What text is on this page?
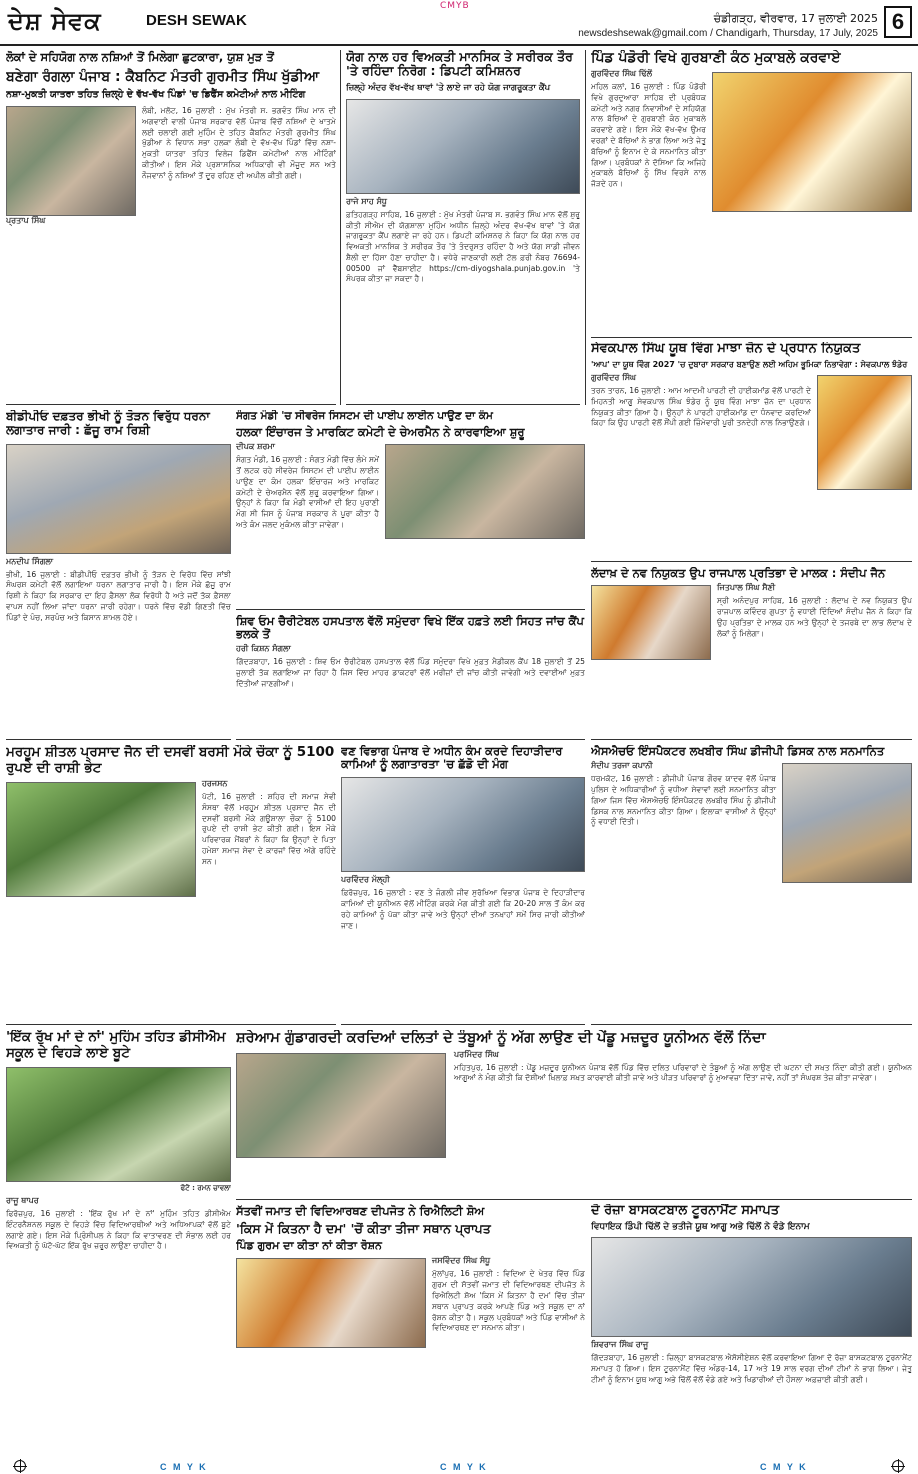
ਦੇਸ਼ ਸੇਵਕ	DESH SEWAK
CMYB
ਚੰਡੀਗੜ੍ਹ, ਵੀਰਵਾਰ, 17 ਜੁਲਾਈ 2025
newsdeshsewak@gmail.com / Chandigarh, Thursday, 17 July, 2025 6
ਲੋਕਾਂ ਦੇ ਸਹਿਯੋਗ ਨਾਲ ਨਸ਼ਿਆਂ ਤੋਂ ਮਿਲੇਗਾ ਛੁਟਕਾਰਾ, ਯੁਸ਼ ਮੁੜ ਤੋਂ
ਬਣੇਗਾ ਰੰਗਲਾ ਪੰਜਾਬ : ਕੈਬਨਿਟ ਮੰਤਰੀ ਗੁਰਮੀਤ ਸਿੰਘ ਖੁੱਡੀਆ
ਨਸ਼ਾ-ਮੁਕਤੀ ਯਾਤਰਾ ਤਹਿਤ ਜ਼ਿਲ੍ਹੇ ਦੇ ਵੱਖ-ਵੱਖ ਪਿੰਡਾਂ 'ਚ ਡਿਫੈਂਸ ਕਮੇਟੀਆਂ ਨਾਲ ਮੀਟਿੰਗ
ਲੰਬੀ, ਮਲੋਟ, 16 ਜੁਲਾਈ : ਮੁੱਖ ਮੰਤਰੀ ਸ. ਭਗਵੰਤ ਸਿੰਘ ਮਾਨ ਦੀ ਅਗਵਾਈ ਵਾਲੀ ਪੰਜਾਬ ਸਰਕਾਰ ਵੱਲੋਂ ਪੰਜਾਬ ਵਿੱਚੋਂ ਨਸ਼ਿਆਂ ਦੇ ਖਾਤਮੇ ਲਈ ਚਲਾਈ ਗਈ ਮੁਹਿੰਮ ਦੇ ਤਹਿਤ ਕੈਬਨਿਟ ਮੰਤਰੀ ਗੁਰਮੀਤ ਸਿੰਘ ਖੁੱਡੀਆ ਨੇ ਵਿਧਾਨ ਸਭਾ ਹਲਕਾ ਲੰਬੀ ਦੇ ਵੱਖ-ਵੱਖ ਪਿੰਡਾਂ ਵਿੱਚ ਨਸ਼ਾ-ਮੁਕਤੀ ਯਾਤਰਾ ਤਹਿਤ ਵਿਲੇਜ ਡਿਫੈਂਸ ਕਮੇਟੀਆਂ ਨਾਲ ਮੀਟਿੰਗਾਂ ਕੀਤੀਆਂ। ਇਸ ਮੌਕੇ ਪ੍ਰਸ਼ਾਸਨਿਕ ਅਧਿਕਾਰੀ ਵੀ ਮੌਜੂਦ ਸਨ ਅਤੇ ਨੌਜਵਾਨਾਂ ਨੂੰ ਨਸ਼ਿਆਂ ਤੋਂ ਦੂਰ ਰਹਿਣ ਦੀ ਅਪੀਲ ਕੀਤੀ ਗਈ।
ਪ੍ਰਤਾਪ ਸਿੰਘ
ਯੋਗ ਨਾਲ ਹਰ ਵਿਅਕਤੀ ਮਾਨਸਿਕ ਤੇ ਸਰੀਰਕ ਤੌਰ 'ਤੇ ਰਹਿੰਦਾ ਨਿਰੋਗ : ਡਿਪਟੀ ਕਮਿਸ਼ਨਰ
ਜ਼ਿਲ੍ਹੇ ਅੰਦਰ ਵੱਖ-ਵੱਖ ਥਾਵਾਂ 'ਤੇ ਲਾਏ ਜਾ ਰਹੇ ਯੋਗ ਜਾਗਰੂਕਤਾ ਕੈਂਪ
ਰਾਜੇ ਸਾਹ ਸੰਧੂ
ਫ਼ਤਿਹਗੜ੍ਹ ਸਾਹਿਬ, 16 ਜੁਲਾਈ : ਮੁੱਖ ਮੰਤਰੀ ਪੰਜਾਬ ਸ. ਭਗਵੰਤ ਸਿੰਘ ਮਾਨ ਵੱਲੋਂ ਸ਼ੁਰੂ ਕੀਤੀ ਸੀਐਮ ਦੀ ਯੋਗਸ਼ਾਲਾ ਮੁਹਿੰਮ ਅਧੀਨ ਜ਼ਿਲ੍ਹੇ ਅੰਦਰ ਵੱਖ-ਵੱਖ ਥਾਵਾਂ 'ਤੇ ਯੋਗ ਜਾਗਰੂਕਤਾ ਕੈਂਪ ਲਗਾਏ ਜਾ ਰਹੇ ਹਨ। ਡਿਪਟੀ ਕਮਿਸ਼ਨਰ ਨੇ ਕਿਹਾ ਕਿ ਯੋਗ ਨਾਲ ਹਰ ਵਿਅਕਤੀ ਮਾਨਸਿਕ ਤੇ ਸਰੀਰਕ ਤੌਰ 'ਤੇ ਤੰਦਰੁਸਤ ਰਹਿੰਦਾ ਹੈ ਅਤੇ ਯੋਗ ਸਾਡੀ ਜੀਵਨ ਸ਼ੈਲੀ ਦਾ ਹਿੱਸਾ ਹੋਣਾ ਚਾਹੀਦਾ ਹੈ। ਵਧੇਰੇ ਜਾਣਕਾਰੀ ਲਈ ਟੋਲ ਫ਼ਰੀ ਨੰਬਰ 76694-00500 ਜਾਂ ਵੈੱਬਸਾਈਟ https://cm-diyogshala.punjab.gov.in 'ਤੇ ਸੰਪਰਕ ਕੀਤਾ ਜਾ ਸਕਦਾ ਹੈ।
ਪਿੰਡ ਪੰਡੋਰੀ ਵਿਖੇ ਗੁਰਬਾਣੀ ਕੰਠ ਮੁਕਾਬਲੇ ਕਰਵਾਏ
ਗੁਰਵਿੰਦਰ ਸਿੰਘ ਢਿੱਲੋਂ
ਮਹਿਲ ਕਲਾਂ, 16 ਜੁਲਾਈ : ਪਿੰਡ ਪੰਡੋਰੀ ਵਿਖੇ ਗੁਰਦੁਆਰਾ ਸਾਹਿਬ ਦੀ ਪ੍ਰਬੰਧਕ ਕਮੇਟੀ ਅਤੇ ਨਗਰ ਨਿਵਾਸੀਆਂ ਦੇ ਸਹਿਯੋਗ ਨਾਲ ਬੱਚਿਆਂ ਦੇ ਗੁਰਬਾਣੀ ਕੰਠ ਮੁਕਾਬਲੇ ਕਰਵਾਏ ਗਏ। ਇਸ ਮੌਕੇ ਵੱਖ-ਵੱਖ ਉਮਰ ਵਰਗਾਂ ਦੇ ਬੱਚਿਆਂ ਨੇ ਭਾਗ ਲਿਆ ਅਤੇ ਜੇਤੂ ਬੱਚਿਆਂ ਨੂੰ ਇਨਾਮ ਦੇ ਕੇ ਸਨਮਾਨਿਤ ਕੀਤਾ ਗਿਆ। ਪ੍ਰਬੰਧਕਾਂ ਨੇ ਦੱਸਿਆ ਕਿ ਅਜਿਹੇ ਮੁਕਾਬਲੇ ਬੱਚਿਆਂ ਨੂੰ ਸਿੱਖ ਵਿਰਸੇ ਨਾਲ ਜੋੜਦੇ ਹਨ।
ਸੇਵਕਪਾਲ ਸਿੰਘ ਯੂਥ ਵਿੰਗ ਮਾਝਾ ਜ਼ੋਨ ਦੇ ਪ੍ਰਧਾਨ ਨਿਯੁਕਤ
'ਆਪ' ਦਾ ਯੂਥ ਵਿੰਗ 2027 'ਚ ਦੁਬਾਰਾ ਸਰਕਾਰ ਬਣਾਉਣ ਲਈ ਅਹਿਮ ਭੂਮਿਕਾ ਨਿਭਾਵੇਗਾ : ਸੇਵਕਪਾਲ ਝੰਡੇਰ
ਗੁਰਵਿੰਦਰ ਸਿੰਘ
ਤਰਨ ਤਾਰਨ, 16 ਜੁਲਾਈ : ਆਮ ਆਦਮੀ ਪਾਰਟੀ ਦੀ ਹਾਈਕਮਾਂਡ ਵੱਲੋਂ ਪਾਰਟੀ ਦੇ ਮਿਹਨਤੀ ਆਗੂ ਸੇਵਕਪਾਲ ਸਿੰਘ ਝੰਡੇਰ ਨੂੰ ਯੂਥ ਵਿੰਗ ਮਾਝਾ ਜ਼ੋਨ ਦਾ ਪ੍ਰਧਾਨ ਨਿਯੁਕਤ ਕੀਤਾ ਗਿਆ ਹੈ। ਉਨ੍ਹਾਂ ਨੇ ਪਾਰਟੀ ਹਾਈਕਮਾਂਡ ਦਾ ਧੰਨਵਾਦ ਕਰਦਿਆਂ ਕਿਹਾ ਕਿ ਉਹ ਪਾਰਟੀ ਵੱਲੋਂ ਸੌਂਪੀ ਗਈ ਜ਼ਿੰਮੇਵਾਰੀ ਪੂਰੀ ਤਨਦੇਹੀ ਨਾਲ ਨਿਭਾਉਣਗੇ।
ਬੀਡੀਪੀਓ ਦਫ਼ਤਰ ਭੀਖੀ ਨੂੰ ਤੋੜਨ ਵਿਰੁੱਧ ਧਰਨਾ ਲਗਾਤਾਰ ਜਾਰੀ : ਛੱਜੂ ਰਾਮ ਰਿਸ਼ੀ
ਮਨਦੀਪ ਸਿੰਗਲਾ
ਭੀਖੀ, 16 ਜੁਲਾਈ : ਬੀਡੀਪੀਓ ਦਫ਼ਤਰ ਭੀਖੀ ਨੂੰ ਤੋੜਨ ਦੇ ਵਿਰੋਧ ਵਿੱਚ ਸਾਂਝੀ ਸੰਘਰਸ਼ ਕਮੇਟੀ ਵੱਲੋਂ ਲਗਾਇਆ ਧਰਨਾ ਲਗਾਤਾਰ ਜਾਰੀ ਹੈ। ਇਸ ਮੌਕੇ ਛੱਜੂ ਰਾਮ ਰਿਸ਼ੀ ਨੇ ਕਿਹਾ ਕਿ ਸਰਕਾਰ ਦਾ ਇਹ ਫ਼ੈਸਲਾ ਲੋਕ ਵਿਰੋਧੀ ਹੈ ਅਤੇ ਜਦੋਂ ਤੱਕ ਫ਼ੈਸਲਾ ਵਾਪਸ ਨਹੀਂ ਲਿਆ ਜਾਂਦਾ ਧਰਨਾ ਜਾਰੀ ਰਹੇਗਾ। ਧਰਨੇ ਵਿੱਚ ਵੱਡੀ ਗਿਣਤੀ ਵਿੱਚ ਪਿੰਡਾਂ ਦੇ ਪੰਚ, ਸਰਪੰਚ ਅਤੇ ਕਿਸਾਨ ਸ਼ਾਮਲ ਹੋਏ।
ਸੰਗਤ ਮੰਡੀ 'ਚ ਸੀਵਰੇਜ ਸਿਸਟਮ ਦੀ ਪਾਈਪ ਲਾਈਨ ਪਾਉਣ ਦਾ ਕੰਮ
ਹਲਕਾ ਇੰਚਾਰਜ ਤੇ ਮਾਰਕਿਟ ਕਮੇਟੀ ਦੇ ਚੇਅਰਮੈਨ ਨੇ ਕਾਰਵਾਇਆ ਸ਼ੁਰੂ
ਦੀਪਕ ਸ਼ਰਮਾ
ਸੰਗਤ ਮੰਡੀ, 16 ਜੁਲਾਈ : ਸੰਗਤ ਮੰਡੀ ਵਿੱਚ ਲੰਮੇ ਸਮੇਂ ਤੋਂ ਲਟਕ ਰਹੇ ਸੀਵਰੇਜ ਸਿਸਟਮ ਦੀ ਪਾਈਪ ਲਾਈਨ ਪਾਉਣ ਦਾ ਕੰਮ ਹਲਕਾ ਇੰਚਾਰਜ ਅਤੇ ਮਾਰਕਿਟ ਕਮੇਟੀ ਦੇ ਚੇਅਰਮੈਨ ਵੱਲੋਂ ਸ਼ੁਰੂ ਕਰਵਾਇਆ ਗਿਆ। ਉਨ੍ਹਾਂ ਨੇ ਕਿਹਾ ਕਿ ਮੰਡੀ ਵਾਸੀਆਂ ਦੀ ਇਹ ਪੁਰਾਣੀ ਮੰਗ ਸੀ ਜਿਸ ਨੂੰ ਪੰਜਾਬ ਸਰਕਾਰ ਨੇ ਪੂਰਾ ਕੀਤਾ ਹੈ ਅਤੇ ਕੰਮ ਜਲਦ ਮੁਕੰਮਲ ਕੀਤਾ ਜਾਵੇਗਾ।
ਸ਼ਿਵ ਓਮ ਚੈਰੀਟੇਬਲ ਹਸਪਤਾਲ ਵੱਲੋਂ ਸਮੁੰਦਰਾ ਵਿਖੇ ਇੱਕ ਹਫ਼ਤੇ ਲਈ ਸਿਹਤ ਜਾਂਚ ਕੈਂਪ ਭਲਕੇ ਤੋਂ
ਹਰੀ ਕਿਸ਼ਨ ਸੰਗਲਾ
ਗਿੱਦੜਬਾਹਾ, 16 ਜੁਲਾਈ : ਸ਼ਿਵ ਓਮ ਚੈਰੀਟੇਬਲ ਹਸਪਤਾਲ ਵੱਲੋਂ ਪਿੰਡ ਸਮੁੰਦਰਾ ਵਿਖੇ ਮੁਫ਼ਤ ਮੈਡੀਕਲ ਕੈਂਪ 18 ਜੁਲਾਈ ਤੋਂ 25 ਜੁਲਾਈ ਤੱਕ ਲਗਾਇਆ ਜਾ ਰਿਹਾ ਹੈ ਜਿਸ ਵਿੱਚ ਮਾਹਰ ਡਾਕਟਰਾਂ ਵੱਲੋਂ ਮਰੀਜ਼ਾਂ ਦੀ ਜਾਂਚ ਕੀਤੀ ਜਾਵੇਗੀ ਅਤੇ ਦਵਾਈਆਂ ਮੁਫ਼ਤ ਦਿੱਤੀਆਂ ਜਾਣਗੀਆਂ।
ਲੱਦਾਖ਼ ਦੇ ਨਵ ਨਿਯੁਕਤ ਉਪ ਰਾਜਪਾਲ ਪ੍ਰਤਿਭਾ ਦੇ ਮਾਲਕ : ਸੰਦੀਪ ਜੈਨ
ਜਿਤਪਾਲ ਸਿੰਘ ਸੈਣੀ
ਸ੍ਰੀ ਅਨੰਦਪੁਰ ਸਾਹਿਬ, 16 ਜੁਲਾਈ : ਲੱਦਾਖ਼ ਦੇ ਨਵ ਨਿਯੁਕਤ ਉਪ ਰਾਜਪਾਲ ਕਵਿੰਦਰ ਗੁਪਤਾ ਨੂੰ ਵਧਾਈ ਦਿੰਦਿਆਂ ਸੰਦੀਪ ਜੈਨ ਨੇ ਕਿਹਾ ਕਿ ਉਹ ਪ੍ਰਤਿਭਾ ਦੇ ਮਾਲਕ ਹਨ ਅਤੇ ਉਨ੍ਹਾਂ ਦੇ ਤਜਰਬੇ ਦਾ ਲਾਭ ਲੱਦਾਖ਼ ਦੇ ਲੋਕਾਂ ਨੂੰ ਮਿਲੇਗਾ।
ਮਰਹੂਮ ਸ਼ੀਤਲ ਪ੍ਰਸਾਦ ਜੈਨ ਦੀ ਦਸਵੀਂ ਬਰਸੀ ਮੌਕੇ ਚੌਕਾ ਨੂੰ 5100 ਰੁਪਏ ਦੀ ਰਾਸ਼ੀ ਭੇਟ
ਹਰਜਸਨ
ਪੱਟੀ, 16 ਜੁਲਾਈ : ਸ਼ਹਿਰ ਦੀ ਸਮਾਜ ਸੇਵੀ ਸੰਸਥਾ ਵੱਲੋਂ ਮਰਹੂਮ ਸ਼ੀਤਲ ਪ੍ਰਸਾਦ ਜੈਨ ਦੀ ਦਸਵੀਂ ਬਰਸੀ ਮੌਕੇ ਗਊਸ਼ਾਲਾ ਚੌਕਾ ਨੂੰ 5100 ਰੁਪਏ ਦੀ ਰਾਸ਼ੀ ਭੇਟ ਕੀਤੀ ਗਈ। ਇਸ ਮੌਕੇ ਪਰਿਵਾਰਕ ਮੈਂਬਰਾਂ ਨੇ ਕਿਹਾ ਕਿ ਉਨ੍ਹਾਂ ਦੇ ਪਿਤਾ ਹਮੇਸ਼ਾ ਸਮਾਜ ਸੇਵਾ ਦੇ ਕਾਰਜਾਂ ਵਿੱਚ ਅੱਗੇ ਰਹਿੰਦੇ ਸਨ।
ਵਣ ਵਿਭਾਗ ਪੰਜਾਬ ਦੇ ਅਧੀਨ ਕੰਮ ਕਰਦੇ ਦਿਹਾੜੀਦਾਰ ਕਾਮਿਆਂ ਨੂੰ ਲਗਾਤਾਰਤਾ 'ਚ ਛੱਡੋ ਦੀ ਮੰਗ
ਪਰਵਿੰਦਰ ਮੱਲ੍ਹੀ
ਫ਼ਿਰੋਜ਼ਪੁਰ, 16 ਜੁਲਾਈ : ਵਣ ਤੇ ਜੰਗਲੀ ਜੀਵ ਸੁਰੱਖਿਆ ਵਿਭਾਗ ਪੰਜਾਬ ਦੇ ਦਿਹਾੜੀਦਾਰ ਕਾਮਿਆਂ ਦੀ ਯੂਨੀਅਨ ਵੱਲੋਂ ਮੀਟਿੰਗ ਕਰਕੇ ਮੰਗ ਕੀਤੀ ਗਈ ਕਿ 20-20 ਸਾਲ ਤੋਂ ਕੰਮ ਕਰ ਰਹੇ ਕਾਮਿਆਂ ਨੂੰ ਪੱਕਾ ਕੀਤਾ ਜਾਵੇ ਅਤੇ ਉਨ੍ਹਾਂ ਦੀਆਂ ਤਨਖ਼ਾਹਾਂ ਸਮੇਂ ਸਿਰ ਜਾਰੀ ਕੀਤੀਆਂ ਜਾਣ।
ਐਸਐਚਓ ਇੰਸਪੈਕਟਰ ਲਖਬੀਰ ਸਿੰਘ ਡੀਜੀਪੀ ਡਿਸਕ ਨਾਲ ਸਨਮਾਨਿਤ
ਸੰਦੀਪ ਤਰਜਾ ਕਪਾਨੀ
ਧਰਮਕੋਟ, 16 ਜੁਲਾਈ : ਡੀਜੀਪੀ ਪੰਜਾਬ ਗੌਰਵ ਯਾਦਵ ਵੱਲੋਂ ਪੰਜਾਬ ਪੁਲਿਸ ਦੇ ਅਧਿਕਾਰੀਆਂ ਨੂੰ ਵਧੀਆ ਸੇਵਾਵਾਂ ਲਈ ਸਨਮਾਨਿਤ ਕੀਤਾ ਗਿਆ ਜਿਸ ਵਿੱਚ ਐਸਐਚਓ ਇੰਸਪੈਕਟਰ ਲਖਬੀਰ ਸਿੰਘ ਨੂੰ ਡੀਜੀਪੀ ਡਿਸਕ ਨਾਲ ਸਨਮਾਨਿਤ ਕੀਤਾ ਗਿਆ। ਇਲਾਕਾ ਵਾਸੀਆਂ ਨੇ ਉਨ੍ਹਾਂ ਨੂੰ ਵਧਾਈ ਦਿੱਤੀ।
'ਇੱਕ ਰੁੱਖ ਮਾਂ ਦੇ ਨਾਂ' ਮੁਹਿੰਮ ਤਹਿਤ ਡੀਸੀਐਮ ਸਕੂਲ ਦੇ ਵਿਹੜੇ ਲਾਏ ਬੂਟੇ
ਫੋਟੋ : ਰਮਨ ਚਾਵਲਾ
ਰਾਜੂ ਥਾਪਰ
ਫਿਰੋਜ਼ਪੁਰ, 16 ਜੁਲਾਈ : 'ਇੱਕ ਰੁੱਖ ਮਾਂ ਦੇ ਨਾਂ' ਮੁਹਿੰਮ ਤਹਿਤ ਡੀਸੀਐਮ ਇੰਟਰਨੈਸ਼ਨਲ ਸਕੂਲ ਦੇ ਵਿਹੜੇ ਵਿੱਚ ਵਿਦਿਆਰਥੀਆਂ ਅਤੇ ਅਧਿਆਪਕਾਂ ਵੱਲੋਂ ਬੂਟੇ ਲਗਾਏ ਗਏ। ਇਸ ਮੌਕੇ ਪ੍ਰਿੰਸੀਪਲ ਨੇ ਕਿਹਾ ਕਿ ਵਾਤਾਵਰਣ ਦੀ ਸੰਭਾਲ ਲਈ ਹਰ ਵਿਅਕਤੀ ਨੂੰ ਘੱਟੋ-ਘੱਟ ਇੱਕ ਰੁੱਖ ਜ਼ਰੂਰ ਲਾਉਣਾ ਚਾਹੀਦਾ ਹੈ।
ਸ਼ਰੇਆਮ ਗੁੰਡਾਗਰਦੀ ਕਰਦਿਆਂ ਦਲਿਤਾਂ ਦੇ ਤੰਬੂਆਂ ਨੂੰ ਅੱਗ ਲਾਉਣ ਦੀ ਪੇਂਡੂ ਮਜ਼ਦੂਰ ਯੂਨੀਅਨ ਵੱਲੋਂ ਨਿੰਦਾ
ਪਰਮਿੰਦਰ ਸਿੰਘ
ਮਹਿਤਪੁਰ, 16 ਜੁਲਾਈ : ਪੇਂਡੂ ਮਜ਼ਦੂਰ ਯੂਨੀਅਨ ਪੰਜਾਬ ਵੱਲੋਂ ਪਿੰਡ ਵਿੱਚ ਦਲਿਤ ਪਰਿਵਾਰਾਂ ਦੇ ਤੰਬੂਆਂ ਨੂੰ ਅੱਗ ਲਾਉਣ ਦੀ ਘਟਨਾ ਦੀ ਸਖ਼ਤ ਨਿੰਦਾ ਕੀਤੀ ਗਈ। ਯੂਨੀਅਨ ਆਗੂਆਂ ਨੇ ਮੰਗ ਕੀਤੀ ਕਿ ਦੋਸ਼ੀਆਂ ਖ਼ਿਲਾਫ਼ ਸਖ਼ਤ ਕਾਰਵਾਈ ਕੀਤੀ ਜਾਵੇ ਅਤੇ ਪੀੜਤ ਪਰਿਵਾਰਾਂ ਨੂੰ ਮੁਆਵਜ਼ਾ ਦਿੱਤਾ ਜਾਵੇ, ਨਹੀਂ ਤਾਂ ਸੰਘਰਸ਼ ਤੇਜ਼ ਕੀਤਾ ਜਾਵੇਗਾ।
ਸੱਤਵੀਂ ਜਮਾਤ ਦੀ ਵਿਦਿਆਰਥਣ ਦੀਪਜੋਤ ਨੇ ਰਿਐਲਿਟੀ ਸ਼ੋਅ
'ਕਿਸ ਮੇਂ ਕਿਤਨਾ ਹੈ ਦਮ' 'ਚੋਂ ਕੀਤਾ ਤੀਜਾ ਸਥਾਨ ਪ੍ਰਾਪਤ
ਪਿੰਡ ਗੁਰਮ ਦਾ ਕੀਤਾ ਨਾਂ ਕੀਤਾ ਰੋਸ਼ਨ
ਜਸਵਿੰਦਰ ਸਿੰਘ ਸੰਧੂ
ਮੁੱਲਾਂਪੁਰ, 16 ਜੁਲਾਈ : ਵਿਦਿਆ ਦੇ ਖੇਤਰ ਵਿੱਚ ਪਿੰਡ ਗੁਰਮ ਦੀ ਸੱਤਵੀਂ ਜਮਾਤ ਦੀ ਵਿਦਿਆਰਥਣ ਦੀਪਜੋਤ ਨੇ ਰਿਐਲਿਟੀ ਸ਼ੋਅ 'ਕਿਸ ਮੇਂ ਕਿਤਨਾ ਹੈ ਦਮ' ਵਿੱਚ ਤੀਜਾ ਸਥਾਨ ਪ੍ਰਾਪਤ ਕਰਕੇ ਆਪਣੇ ਪਿੰਡ ਅਤੇ ਸਕੂਲ ਦਾ ਨਾਂ ਰੋਸ਼ਨ ਕੀਤਾ ਹੈ। ਸਕੂਲ ਪ੍ਰਬੰਧਕਾਂ ਅਤੇ ਪਿੰਡ ਵਾਸੀਆਂ ਨੇ ਵਿਦਿਆਰਥਣ ਦਾ ਸਨਮਾਨ ਕੀਤਾ।
ਦੋ ਰੋਜ਼ਾ ਬਾਸਕਟਬਾਲ ਟੂਰਨਾਮੈਂਟ ਸਮਾਪਤ
ਵਿਧਾਇਕ ਡਿੰਪੀ ਢਿੱਲੋਂ ਦੇ ਭਤੀਜੇ ਯੂਥ ਆਗੂ ਅਭੇ ਢਿੱਲੋਂ ਨੇ ਵੰਡੇ ਇਨਾਮ
ਸ਼ਿਵਰਾਜ ਸਿੰਘ ਰਾਜੂ
ਗਿੱਦੜਬਾਹਾ, 16 ਜੁਲਾਈ : ਜ਼ਿਲ੍ਹਾ ਬਾਸਕਟਬਾਲ ਐਸੋਸੀਏਸ਼ਨ ਵੱਲੋਂ ਕਰਵਾਇਆ ਗਿਆ ਦੋ ਰੋਜ਼ਾ ਬਾਸਕਟਬਾਲ ਟੂਰਨਾਮੈਂਟ ਸਮਾਪਤ ਹੋ ਗਿਆ। ਇਸ ਟੂਰਨਾਮੈਂਟ ਵਿੱਚ ਅੰਡਰ-14, 17 ਅਤੇ 19 ਸਾਲ ਵਰਗ ਦੀਆਂ ਟੀਮਾਂ ਨੇ ਭਾਗ ਲਿਆ। ਜੇਤੂ ਟੀਮਾਂ ਨੂੰ ਇਨਾਮ ਯੂਥ ਆਗੂ ਅਭੇ ਢਿੱਲੋਂ ਵੱਲੋਂ ਵੰਡੇ ਗਏ ਅਤੇ ਖਿਡਾਰੀਆਂ ਦੀ ਹੌਸਲਾ ਅਫ਼ਜ਼ਾਈ ਕੀਤੀ ਗਈ।
C M Y K	C M Y K	C M Y K
